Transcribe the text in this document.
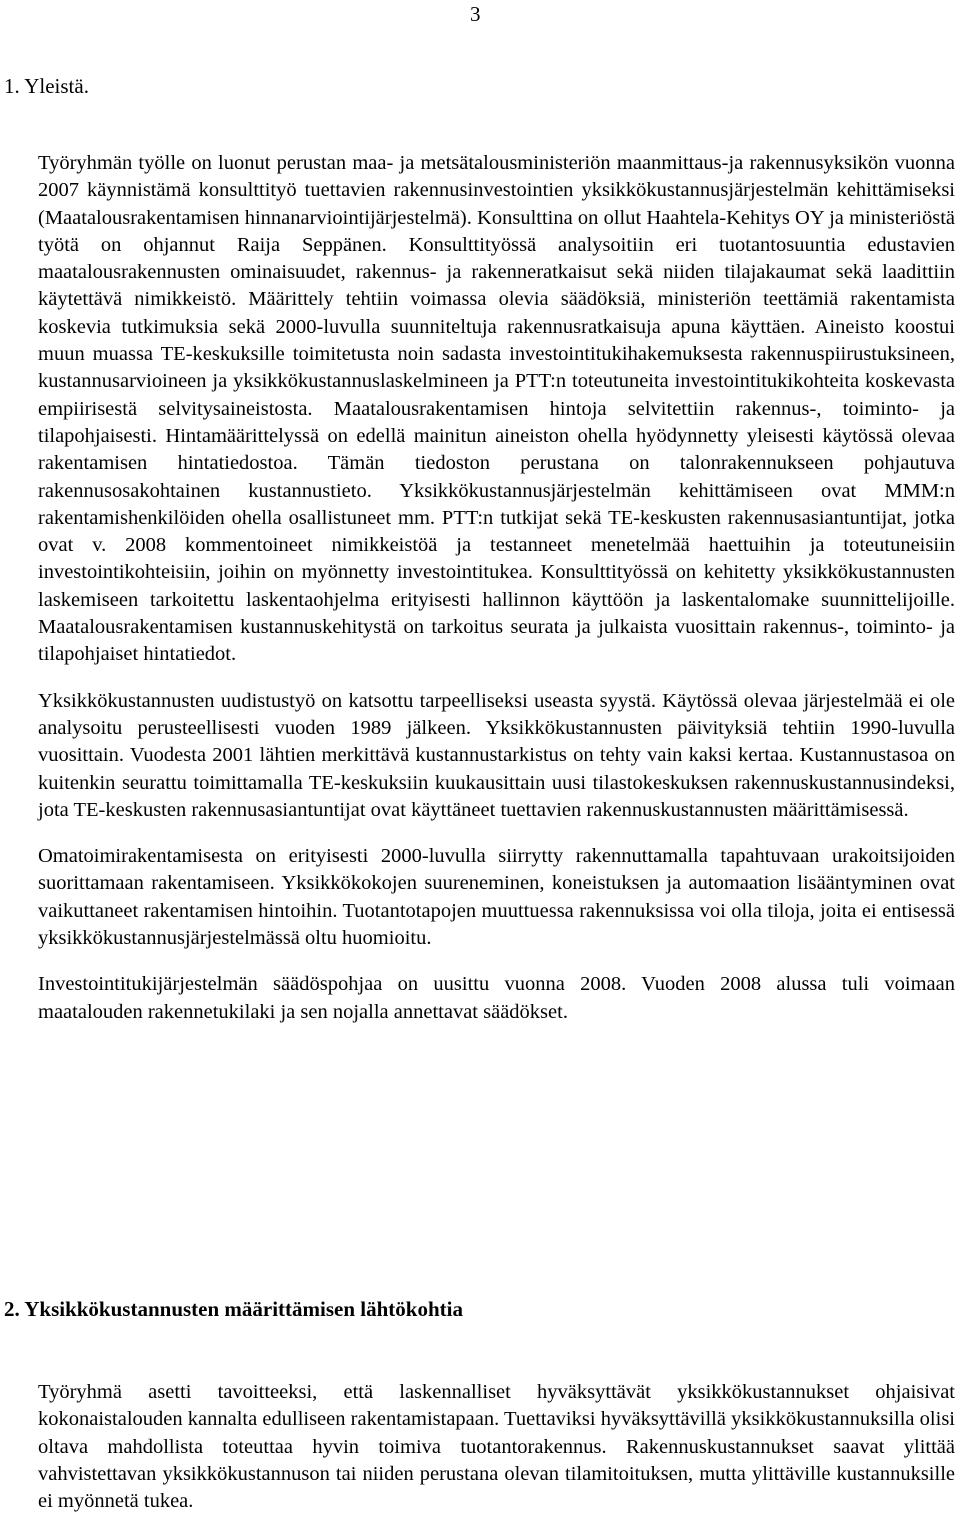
3
1. Yleistä.

Työryhmän työlle on luonut perustan maa- ja metsätalousministeriön maanmittaus-ja rakennusyksikön vuonna 2007 käynnistämä konsulttityö tuettavien rakennusinvestointien yksikkökustannusjärjestelmän kehittämiseksi (Maatalousrakentamisen hinnanarviointijärjestelmä). Konsulttina on ollut Haahtela-Kehitys OY ja ministeriöstä työtä on ohjannut Raija Seppänen. Konsulttityössä analysoitiin eri tuotantosuuntia edustavien maatalousrakennusten ominaisuudet, rakennus- ja rakenneratkaisut sekä niiden tilajakaumat sekä laadittiin käytettävä nimikkeistö. Määrittely tehtiin voimassa olevia säädöksiä, ministeriön teettämiä rakentamista koskevia tutkimuksia sekä 2000-luvulla suunniteltuja rakennusratkaisuja apuna käyttäen. Aineisto koostui muun muassa TE-keskuksille toimitetusta noin sadasta investointitukihakemuksesta rakennuspiirustuksineen, kustannusarvioineen ja yksikkökustannuslaskelmineen ja PTT:n toteutuneita investointitukikohteita koskevasta empiirisestä selvitysaineistosta. Maatalousrakentamisen hintoja selvitettiin rakennus-, toiminto- ja tilapohjaisesti. Hintamäärittelyssä on edellä mainitun aineiston ohella hyödynnetty yleisesti käytössä olevaa rakentamisen hintatiedostoa. Tämän tiedoston perustana on talonrakennukseen pohjautuva rakennusosakohtainen kustannustieto. Yksikkökustannusjärjestelmän kehittämiseen ovat MMM:n rakentamishenkilöiden ohella osallistuneet mm. PTT:n tutkijat sekä TE-keskusten rakennusasiantuntijat, jotka ovat v. 2008 kommentoineet nimikkeistöä ja testanneet menetelmää haettuihin ja toteutuneisiin investointikohteisiin, joihin on myönnetty investointitukea. Konsulttityössä on kehitetty yksikkökustannusten laskemiseen tarkoitettu laskentaohjelma erityisesti hallinnon käyttöön ja laskentalomake suunnittelijoille. Maatalousrakentamisen kustannuskehitystä on tarkoitus seurata ja julkaista vuosittain rakennus-, toiminto- ja tilapohjaiset hintatiedot.

Yksikkökustannusten uudistustyö on katsottu tarpeelliseksi useasta syystä. Käytössä olevaa järjestelmää ei ole analysoitu perusteellisesti vuoden 1989 jälkeen. Yksikkökustannusten päivityksiä tehtiin 1990-luvulla vuosittain. Vuodesta 2001 lähtien merkittävä kustannustarkistus on tehty vain kaksi kertaa. Kustannustasoa on kuitenkin seurattu toimittamalla TE-keskuksiin kuukausittain uusi tilastokeskuksen rakennuskustannusindeksi, jota TE-keskusten rakennusasiantuntijat ovat käyttäneet tuettavien rakennuskustannusten määrittämisessä.

Omatoimirakentamisesta on erityisesti 2000-luvulla siirrytty rakennuttamalla tapahtuvaan urakoitsijoiden suorittamaan rakentamiseen. Yksikkökokojen suureneminen, koneistuksen ja automaation lisääntyminen ovat vaikuttaneet rakentamisen hintoihin. Tuotantotapojen muuttuessa rakennuksissa voi olla tiloja, joita ei entisessä yksikkökustannusjärjestelmässä oltu huomioitu.

Investointitukijärjestelmän säädöspohjaa on uusittu vuonna 2008. Vuoden 2008 alussa tuli voimaan maatalouden rakennetukilaki ja sen nojalla annettavat säädökset.

2. Yksikkökustannusten määrittämisen lähtökohtia

Työryhmä asetti tavoitteeksi, että laskennalliset hyväksyttävät yksikkökustannukset ohjaisivat kokonaistalouden kannalta edulliseen rakentamistapaan. Tuettaviksi hyväksyttävillä yksikkökustannuksilla olisi oltava mahdollista toteuttaa hyvin toimiva tuotantorakennus. Rakennuskustannukset saavat ylittää vahvistettavan yksikkökustannuson tai niiden perustana olevan tilamitoituksen, mutta ylittäville kustannuksille ei myönnetä tukea.
